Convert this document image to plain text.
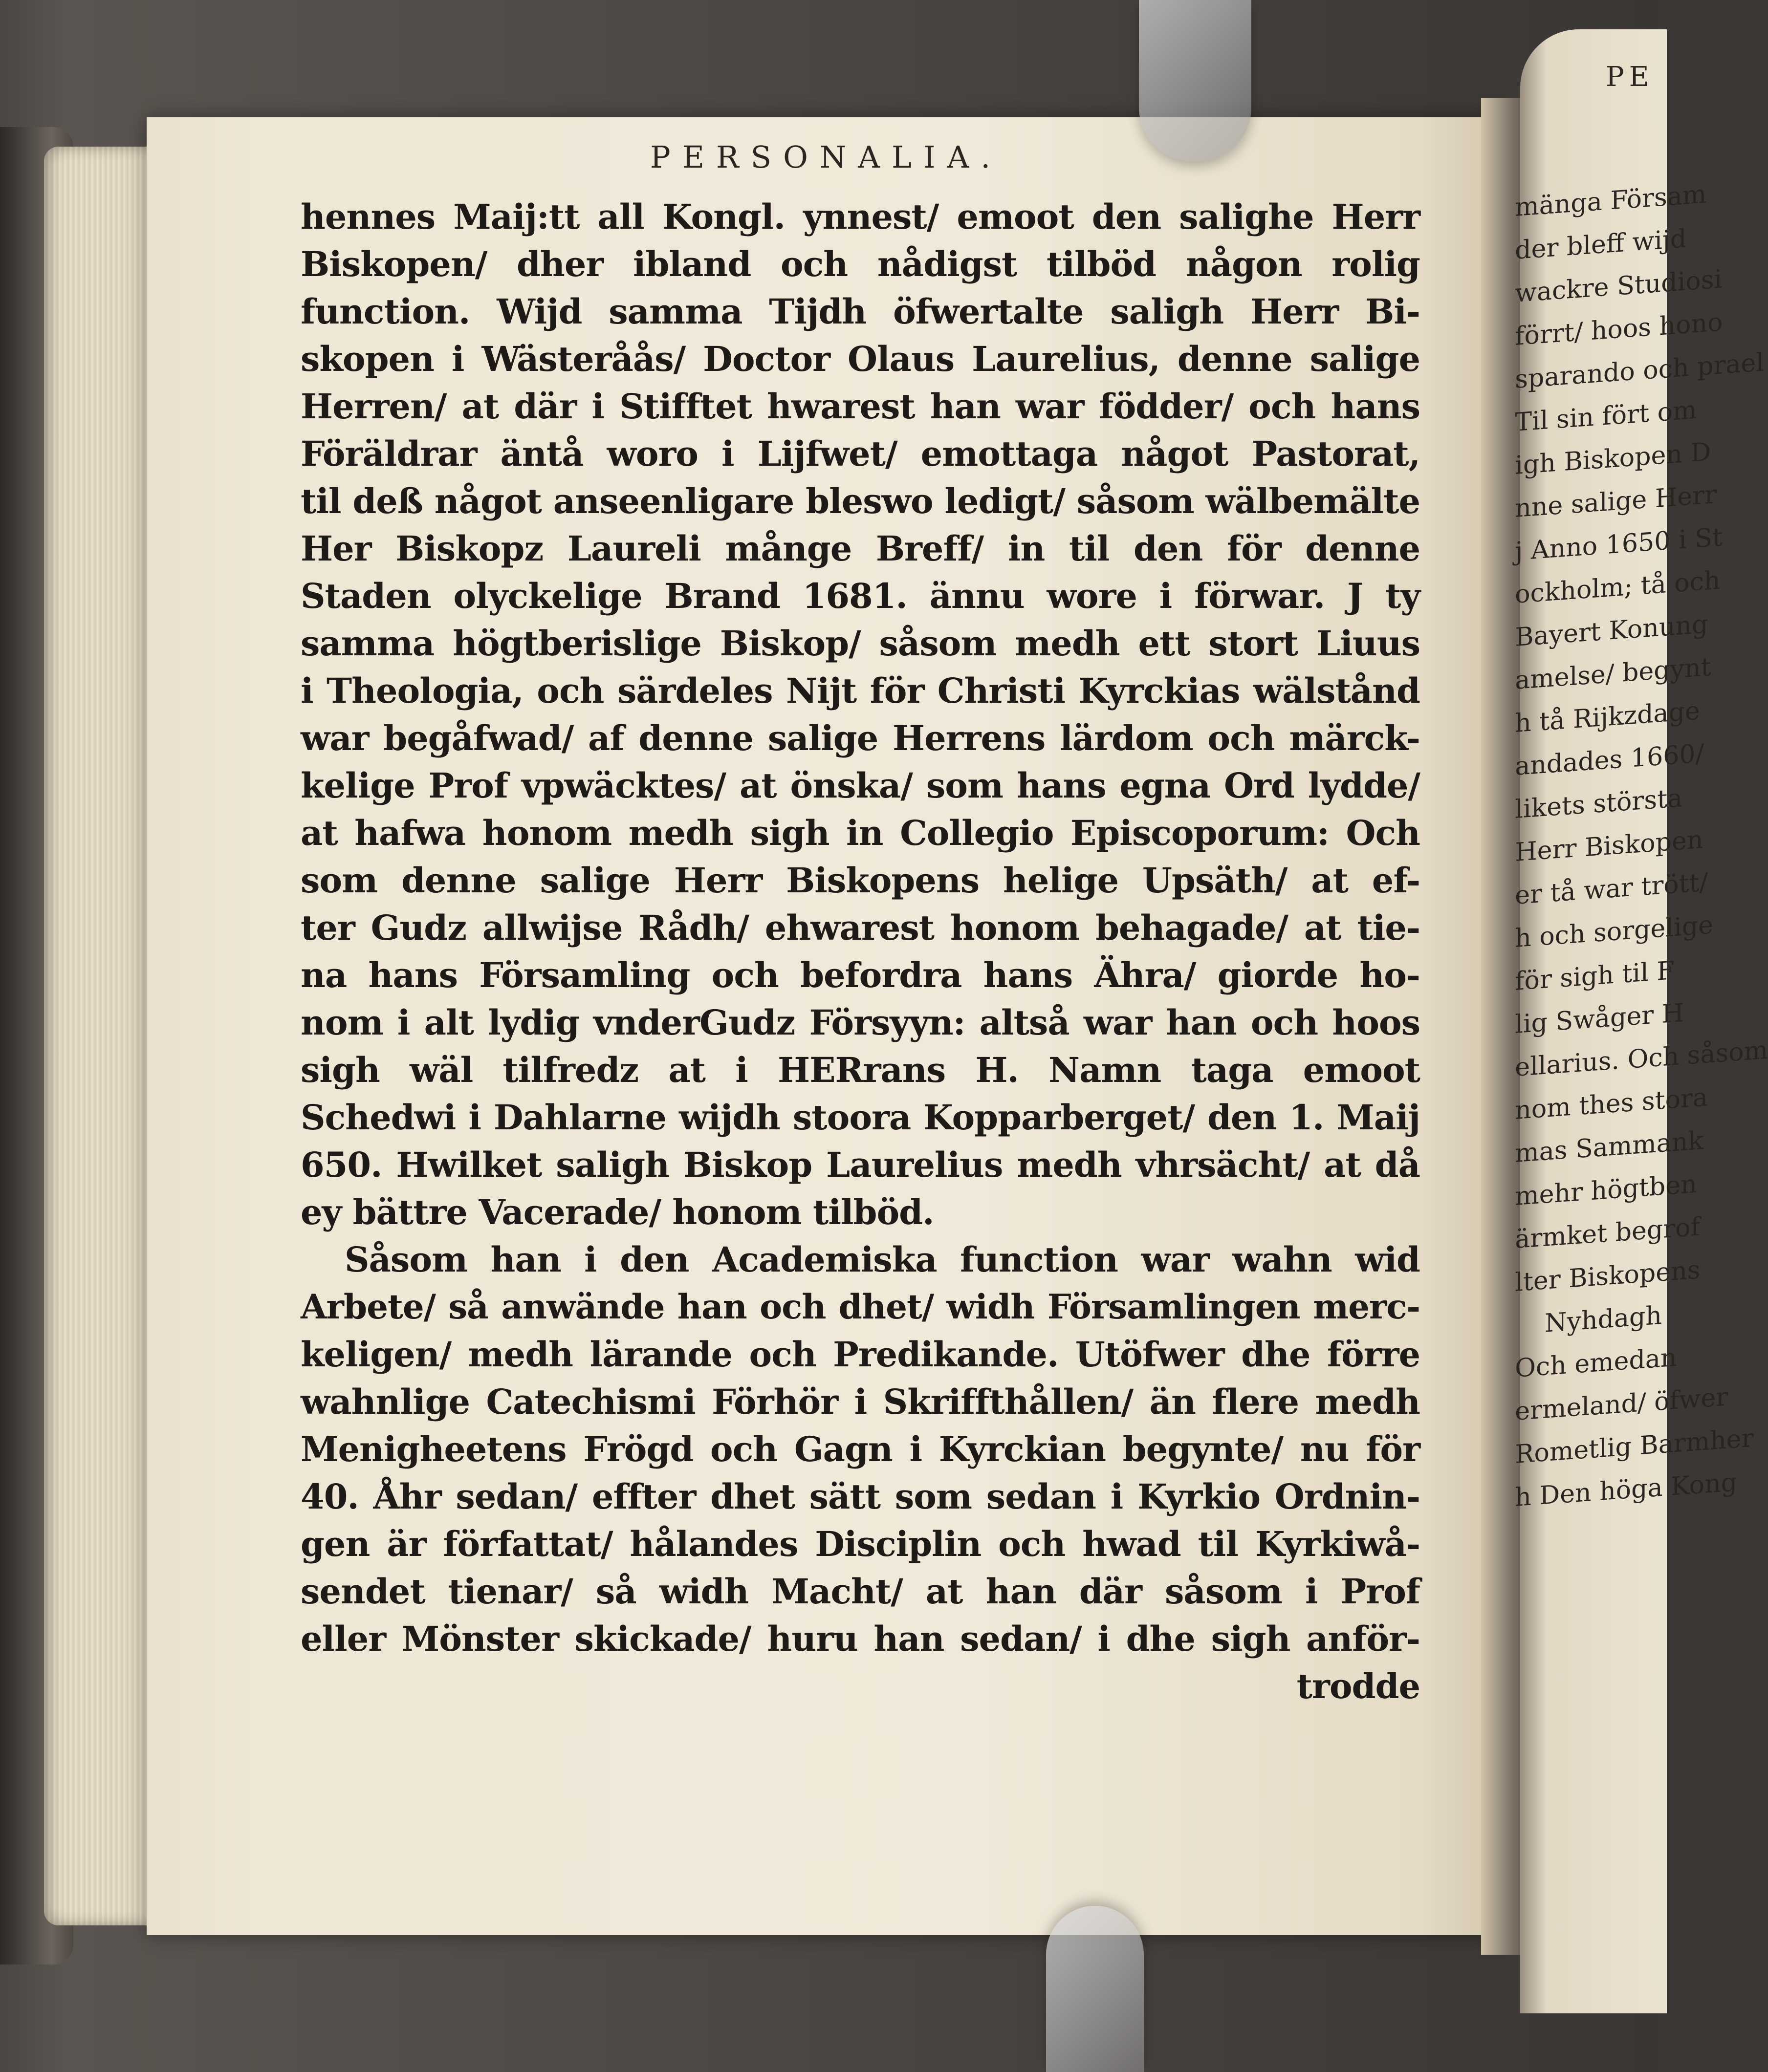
PE
mänga Försam
der bleff wijd
wackre Studiosi
förrt/ hoos hono
sparando och prael
Til sin fört om
igh Biskopen D
nne salige Herr
j Anno 1650 i St
ockholm; tå och
Bayert Konung
amelse/ begynt
h tå Rijkzdage
andades 1660/
likets största
Herr Biskopen
er tå war trött/
h och sorgelige
för sigh til F
lig Swåger H
ellarius. Och såsom
nom thes stora
mas Sammank
mehr högtben
ärmket begrof
lter Biskopens
Nyhdagh
Och emedan
ermeland/ öfwer
Rometlig Barmher
h Den höga Kong
PERSONALIA.
hennes Maij:tt all Kongl. ynnest/ emoot den salighe Herr
Biskopen/ dher ibland och nådigst tilböd någon rolig
function. Wijd samma Tijdh öfwertalte saligh Herr Bi-
skopen i Wästeråås/ Doctor Olaus Laurelius, denne salige
Herren/ at där i Stifftet hwarest han war födder/ och hans
Föräldrar äntå woro i Lijfwet/ emottaga något Pastorat,
til deß något anseenligare bleswo ledigt/ såsom wälbemälte
Her Biskopz Laureli månge Breff/ in til den för denne
Staden olyckelige Brand 1681. ännu wore i förwar. J ty
samma högtberislige Biskop/ såsom medh ett stort Liuus
i Theologia, och särdeles Nijt för Christi Kyrckias wälstånd
war begåfwad/ af denne salige Herrens lärdom och märck-
kelige Prof vpwäcktes/ at önska/ som hans egna Ord lydde/
at hafwa honom medh sigh in Collegio Episcoporum: Och
som denne salige Herr Biskopens helige Upsäth/ at ef-
ter Gudz allwijse Rådh/ ehwarest honom behagade/ at tie-
na hans Församling och befordra hans Ähra/ giorde ho-
nom i alt lydig vnderGudz Försyyn: altså war han och hoos
sigh wäl tilfredz at i HERrans H. Namn taga emoot
Schedwi i Dahlarne wijdh stoora Kopparberget/ den 1. Maij
650. Hwilket saligh Biskop Laurelius medh vhrsächt/ at då
ey bättre Vacerade/ honom tilböd.
Såsom han i den Academiska function war wahn wid
Arbete/ så anwände han och dhet/ widh Församlingen merc-
keligen/ medh lärande och Predikande. Utöfwer dhe förre
wahnlige Catechismi Förhör i Skriffthållen/ än flere medh
Menigheetens Frögd och Gagn i Kyrckian begynte/ nu för
40. Åhr sedan/ effter dhet sätt som sedan i Kyrkio Ordnin-
gen är författat/ hålandes Disciplin och hwad til Kyrkiwå-
sendet tienar/ så widh Macht/ at han där såsom i Prof
eller Mönster skickade/ huru han sedan/ i dhe sigh anför-
trodde
